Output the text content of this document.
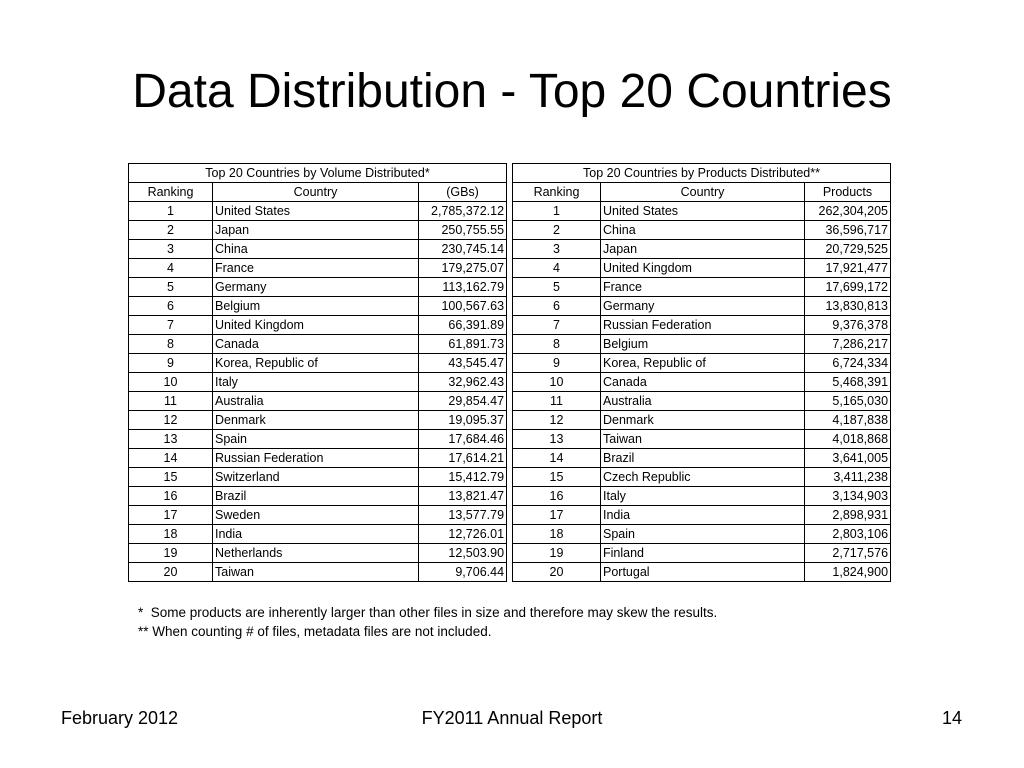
Data Distribution - Top 20 Countries
Top 20 Countries by Volume Distributed*		
Ranking	Country	(GBs)
1	United States	2,785,372.12
2	Japan	250,755.55
3	China	230,745.14
4	France	179,275.07
5	Germany	113,162.79
6	Belgium	100,567.63
7	United Kingdom	66,391.89
8	Canada	61,891.73
9	Korea, Republic of	43,545.47
10	Italy	32,962.43
11	Australia	29,854.47
12	Denmark	19,095.37
13	Spain	17,684.46
14	Russian Federation	17,614.21
15	Switzerland	15,412.79
16	Brazil	13,821.47
17	Sweden	13,577.79
18	India	12,726.01
19	Netherlands	12,503.90
20	Taiwan	9,706.44
Top 20 Countries by Products Distributed**		
Ranking	Country	Products
1	United States	262,304,205
2	China	36,596,717
3	Japan	20,729,525
4	United Kingdom	17,921,477
5	France	17,699,172
6	Germany	13,830,813
7	Russian Federation	9,376,378
8	Belgium	7,286,217
9	Korea, Republic of	6,724,334
10	Canada	5,468,391
11	Australia	5,165,030
12	Denmark	4,187,838
13	Taiwan	4,018,868
14	Brazil	3,641,005
15	Czech Republic	3,411,238
16	Italy	3,134,903
17	India	2,898,931
18	Spain	2,803,106
19	Finland	2,717,576
20	Portugal	1,824,900
*  Some products are inherently larger than other files in size and therefore may skew the results.
** When counting # of files, metadata files are not included.
February 2012	FY2011 Annual Report	14
